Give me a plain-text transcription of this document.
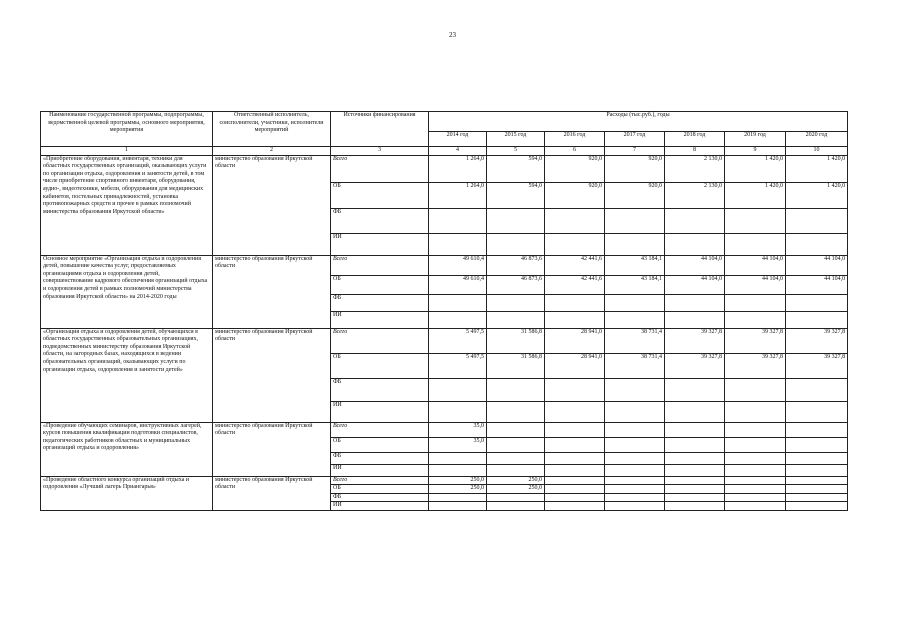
23
Наименование государственной программы, подпрограммы, ведомственной целевой программы, основного мероприятия, мероприятия	Ответственный исполнитель, соисполнители, участники, исполнители мероприятий	Источники финансирования	Расходы (тыс.руб.), годы						
			2014 год	2015 год	2016 год	2017 год	2018 год	2019 год	2020 год
1	2	3	4	5	6	7	8	9	10
«Приобретение оборудования, инвентаря, техники для областных государственных организаций, оказывающих услуги по организации отдыха, оздоровления и занятости детей, в том числе приобретение спортивного инвентаря, оборудования, аудио-, видеотехники, мебели, оборудования для медицинских кабинетов, постельных принадлежностей, установка противопожарных средств и прочее в рамках полномочий министерства образования Иркутской области»	министерство образования Иркутской области	Всего	1 264,0	594,0	920,0	920,0	2 130,0	1 420,0	1 420,0
		ОБ	1 264,0	594,0	920,0	920,0	2 130,0	1 420,0	1 420,0
		ФБ							
		ИИ							
Основное мероприятие «Организация отдыха и оздоровления детей, повышение качества услуг, предоставляемых организациями отдыха и оздоровления детей, совершенствование кадрового обеспечения организаций отдыха и оздоровления детей в рамках полномочий министерства образования Иркутской области» на 2014-2020 годы	министерство образования Иркутской области	Всего	49 610,4	46 873,6	42 441,6	43 184,1	44 104,0	44 104,0	44 104,0
		ОБ	49 610,4	46 873,6	42 441,6	43 184,1	44 104,0	44 104,0	44 104,0
		ФБ							
		ИИ							
«Организация отдыха и оздоровления детей, обучающихся в областных государственных образовательных организациях, подведомственных министерству образования Иркутской области, на загородных базах, находящихся в ведении образовательных организаций, оказывающих услуги по организации отдыха, оздоровления и занятости детей»	министерство образования Иркутской области	Всего	5 497,5	31 586,8	28 941,0	38 731,4	39 327,8	39 327,8	39 327,8
		ОБ	5 497,5	31 586,8	28 941,0	38 731,4	39 327,8	39 327,8	39 327,8
		ФБ							
		ИИ							
«Проведение обучающих семинаров, инструктивных лагерей, курсов повышения квалификации подготовки специалистов, педагогических работников областных и муниципальных организаций отдыха и оздоровления»	министерство образования Иркутской области	Всего	35,0						
		ОБ	35,0						
		ФБ							
		ИИ							
«Проведение областного конкурса организаций отдыха и оздоровления «Лучший лагерь Приангарья»	министерство образования Иркутской области	Всего	250,0	250,0					
		ОБ	250,0	250,0					
		ФБ							
		ИИ							
